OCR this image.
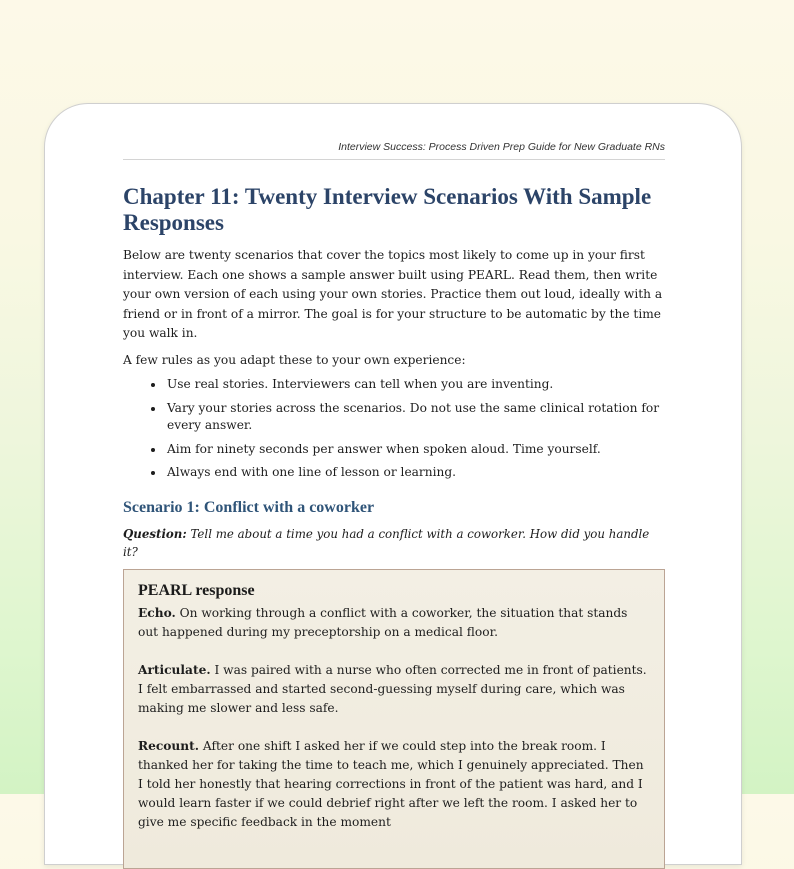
Interview Success: Process Driven Prep Guide for New Graduate RNs
Chapter 11: Twenty Interview Scenarios With Sample Responses

Below are twenty scenarios that cover the topics most likely to come up in your first interview. Each one shows a sample answer built using PEARL. Read them, then write your own version of each using your own stories. Practice them out loud, ideally with a friend or in front of a mirror. The goal is for your structure to be automatic by the time you walk in.

A few rules as you adapt these to your own experience:

• Use real stories. Interviewers can tell when you are inventing.
• Vary your stories across the scenarios. Do not use the same clinical rotation for every answer.
• Aim for ninety seconds per answer when spoken aloud. Time yourself.
• Always end with one line of lesson or learning.
Scenario 1: Conflict with a coworker

Question: Tell me about a time you had a conflict with a coworker. How did you handle it?

PEARL response

Echo. On working through a conflict with a coworker, the situation that stands out happened during my preceptorship on a medical floor.

Articulate. I was paired with a nurse who often corrected me in front of patients. I felt embarrassed and started second-guessing myself during care, which was making me slower and less safe.

Recount. After one shift I asked her if we could step into the break room. I thanked her for taking the time to teach me, which I genuinely appreciated. Then I told her honestly that hearing corrections in front of the patient was hard, and I would learn faster if we could debrief right after we left the room. I asked her to give me specific feedback in the moment
